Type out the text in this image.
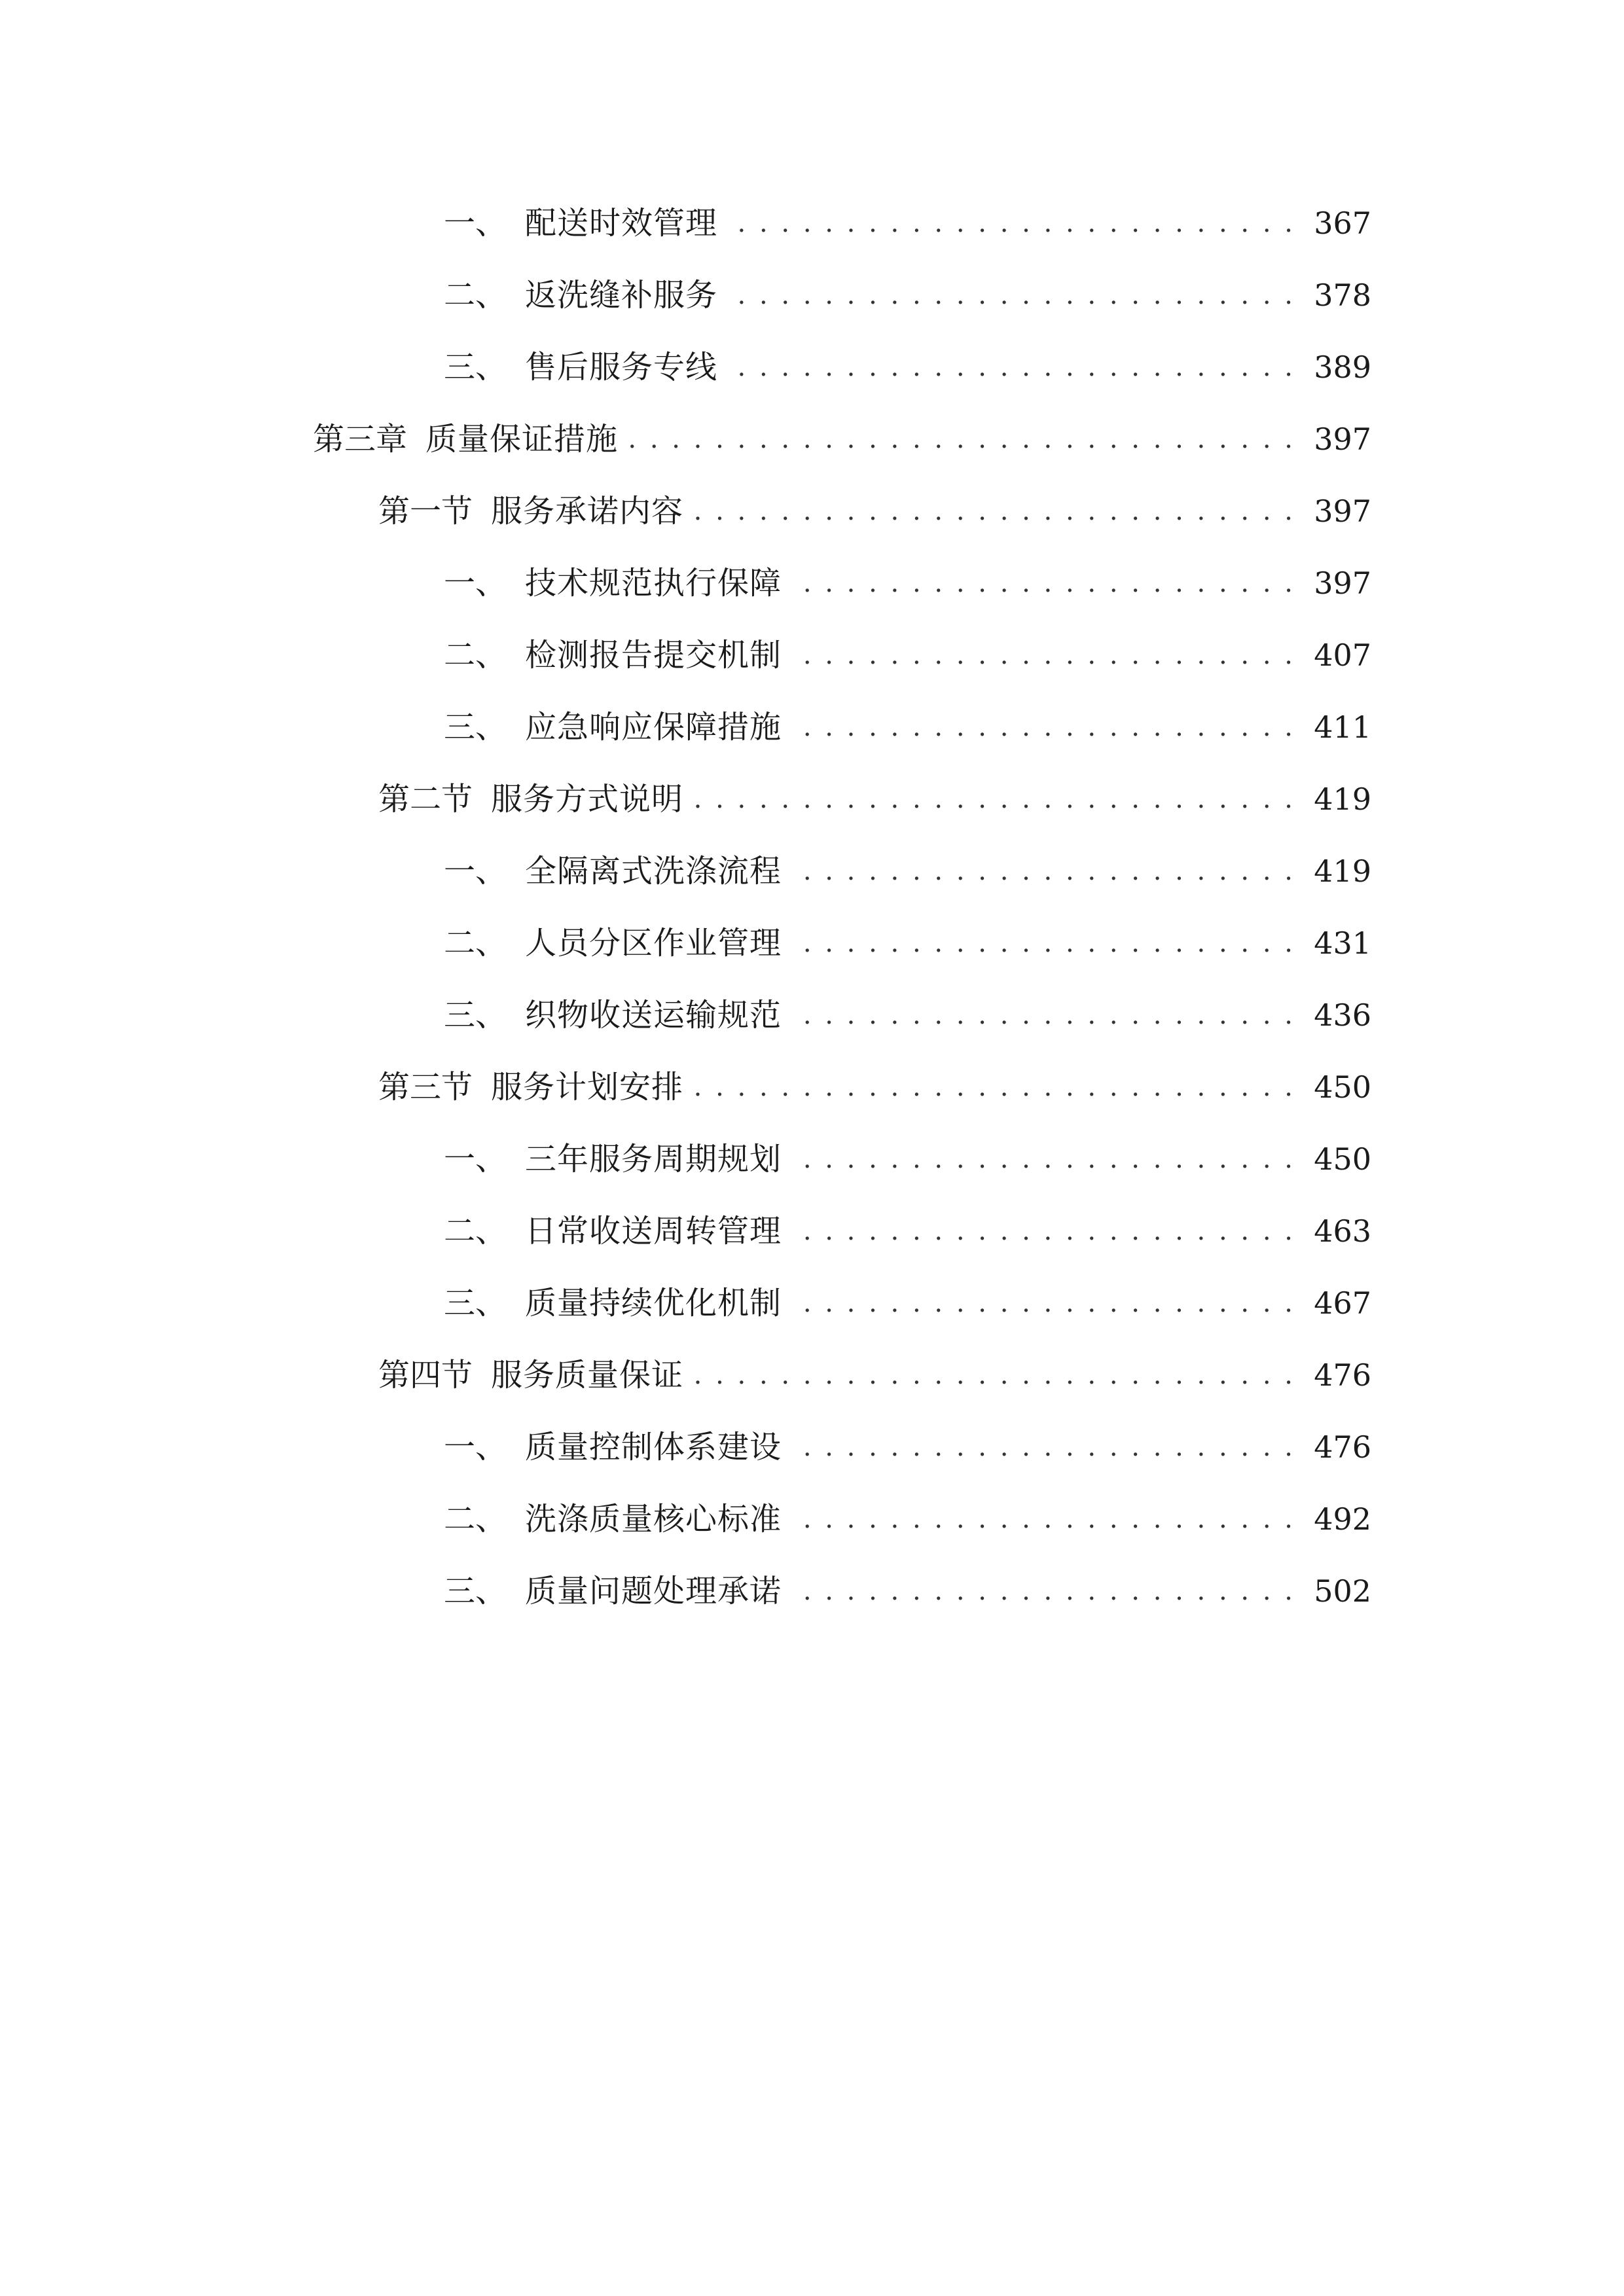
一、 配送时效管理 . . .	367
二、 返洗缝补服务 . . .	378
三、 售后服务专线 . . .	389
第三章 质量保证措施 . . .	397
第一节 服务承诺内容 . . .	397
一、 技术规范执行保障 . . .	397
二、 检测报告提交机制 . . .	407
三、 应急响应保障措施 . . .	411
第二节 服务方式说明 . . .	419
一、 全隔离式洗涤流程 . . .	419
二、 人员分区作业管理 . . .	431
三、 织物收送运输规范 . . .	436
第三节 服务计划安排 . . .	450
一、 三年服务周期规划 . . .	450
二、 日常收送周转管理 . . .	463
三、 质量持续优化机制 . . .	467
第四节 服务质量保证 . . .	476
一、 质量控制体系建设 . . .	476
二、 洗涤质量核心标准 . . .	492
三、 质量问题处理承诺 . . .	502
